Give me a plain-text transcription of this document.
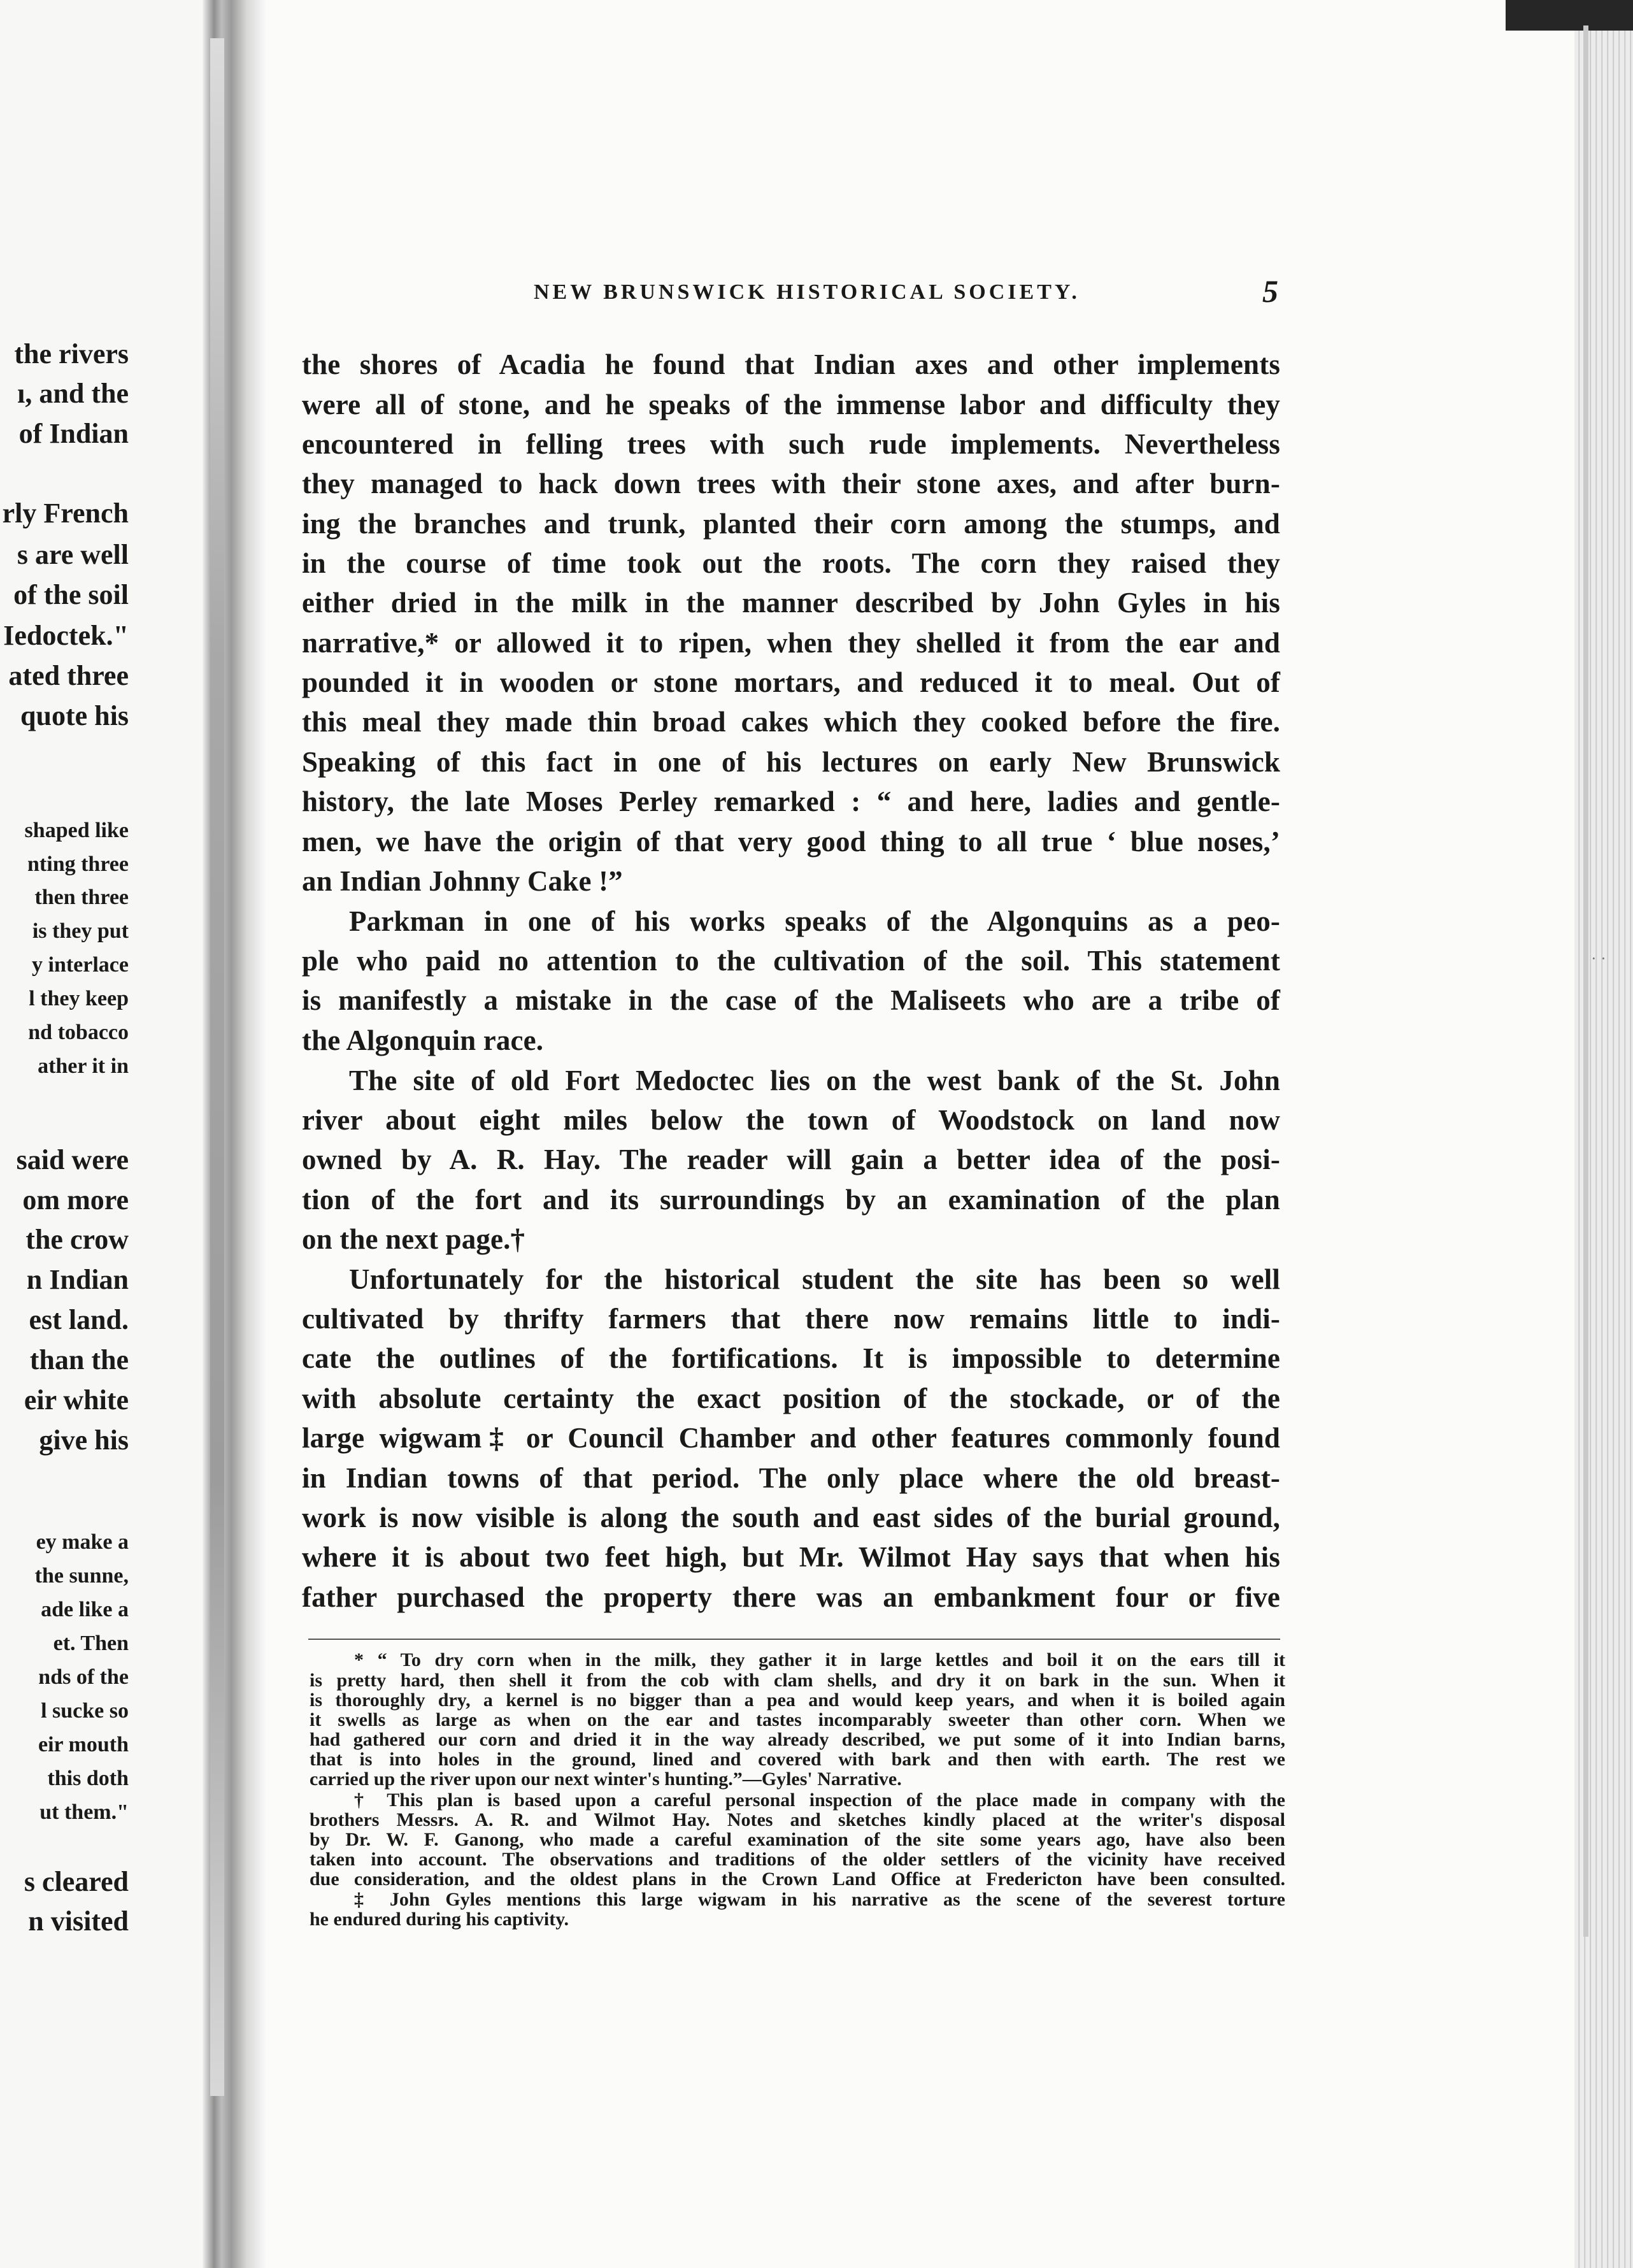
the rivers
ı, and the
of Indian
rly French
s are well
of the soil
Iedoctek."
ated three
quote his
shaped like
nting three
then three
is they put
y interlace
l they keep
nd tobacco
ather it in
said were
om more
the crow
n Indian
est land.
than the
eir white
give his
ey make a
the sunne,
ade like a
et. Then
nds of the
l sucke so
eir mouth
this doth
ut them."
s cleared
n visited
· ·
NEW BRUNSWICK HISTORICAL SOCIETY.	5
the shores of Acadia he found that Indian axes and other implements
were all of stone, and he speaks of the immense labor and difficulty they
encountered in felling trees with such rude implements. Nevertheless
they managed to hack down trees with their stone axes, and after burn-
ing the branches and trunk, planted their corn among the stumps, and
in the course of time took out the roots. The corn they raised they
either dried in the milk in the manner described by John Gyles in his
narrative,* or allowed it to ripen, when they shelled it from the ear and
pounded it in wooden or stone mortars, and reduced it to meal. Out of
this meal they made thin broad cakes which they cooked before the fire.
Speaking of this fact in one of his lectures on early New Brunswick
history, the late Moses Perley remarked : “ and here, ladies and gentle-
men, we have the origin of that very good thing to all true ‘ blue noses,’
an Indian Johnny Cake !”
Parkman in one of his works speaks of the Algonquins as a peo-
ple who paid no attention to the cultivation of the soil. This statement
is manifestly a mistake in the case of the Maliseets who are a tribe of
the Algonquin race.
The site of old Fort Medoctec lies on the west bank of the St. John
river about eight miles below the town of Woodstock on land now
owned by A. R. Hay. The reader will gain a better idea of the posi-
tion of the fort and its surroundings by an examination of the plan
on the next page.†
Unfortunately for the historical student the site has been so well
cultivated by thrifty farmers that there now remains little to indi-
cate the outlines of the fortifications. It is impossible to determine
with absolute certainty the exact position of the stockade, or of the
large wigwam‡ or Council Chamber and other features commonly found
in Indian towns of that period. The only place where the old breast-
work is now visible is along the south and east sides of the burial ground,
where it is about two feet high, but Mr. Wilmot Hay says that when his
father purchased the property there was an embankment four or five
* “ To dry corn when in the milk, they gather it in large kettles and boil it on the ears till it
is pretty hard, then shell it from the cob with clam shells, and dry it on bark in the sun. When it
is thoroughly dry, a kernel is no bigger than a pea and would keep years, and when it is boiled again
it swells as large as when on the ear and tastes incomparably sweeter than other corn. When we
had gathered our corn and dried it in the way already described, we put some of it into Indian barns,
that is into holes in the ground, lined and covered with bark and then with earth. The rest we
carried up the river upon our next winter's hunting.”—Gyles' Narrative.
† This plan is based upon a careful personal inspection of the place made in company with the
brothers Messrs. A. R. and Wilmot Hay. Notes and sketches kindly placed at the writer's disposal
by Dr. W. F. Ganong, who made a careful examination of the site some years ago, have also been
taken into account. The observations and traditions of the older settlers of the vicinity have received
due consideration, and the oldest plans in the Crown Land Office at Fredericton have been consulted.
‡ John Gyles mentions this large wigwam in his narrative as the scene of the severest torture
he endured during his captivity.
